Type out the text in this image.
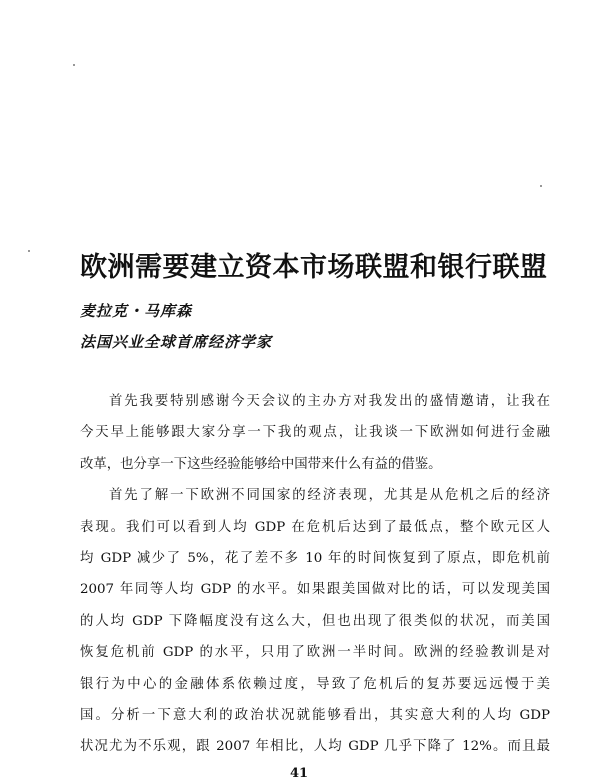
欧洲需要建立资本市场联盟和银行联盟
麦拉克・马库森
法国兴业全球首席经济学家
首先我要特别感谢今天会议的主办方对我发出的盛情邀请，让我在
今天早上能够跟大家分享一下我的观点，让我谈一下欧洲如何进行金融
改革，也分享一下这些经验能够给中国带来什么有益的借鉴。
首先了解一下欧洲不同国家的经济表现，尤其是从危机之后的经济
表现。我们可以看到人均 GDP 在危机后达到了最低点，整个欧元区人
均 GDP 减少了 5%，花了差不多 10 年的时间恢复到了原点，即危机前
2007 年同等人均 GDP 的水平。如果跟美国做对比的话，可以发现美国
的人均 GDP 下降幅度没有这么大，但也出现了很类似的状况，而美国
恢复危机前 GDP 的水平，只用了欧洲一半时间。欧洲的经验教训是对
银行为中心的金融体系依赖过度，导致了危机后的复苏要远远慢于美
国。分析一下意大利的政治状况就能够看出，其实意大利的人均 GDP
状况尤为不乐观，跟 2007 年相比，人均 GDP 几乎下降了 12%。而且最
41
